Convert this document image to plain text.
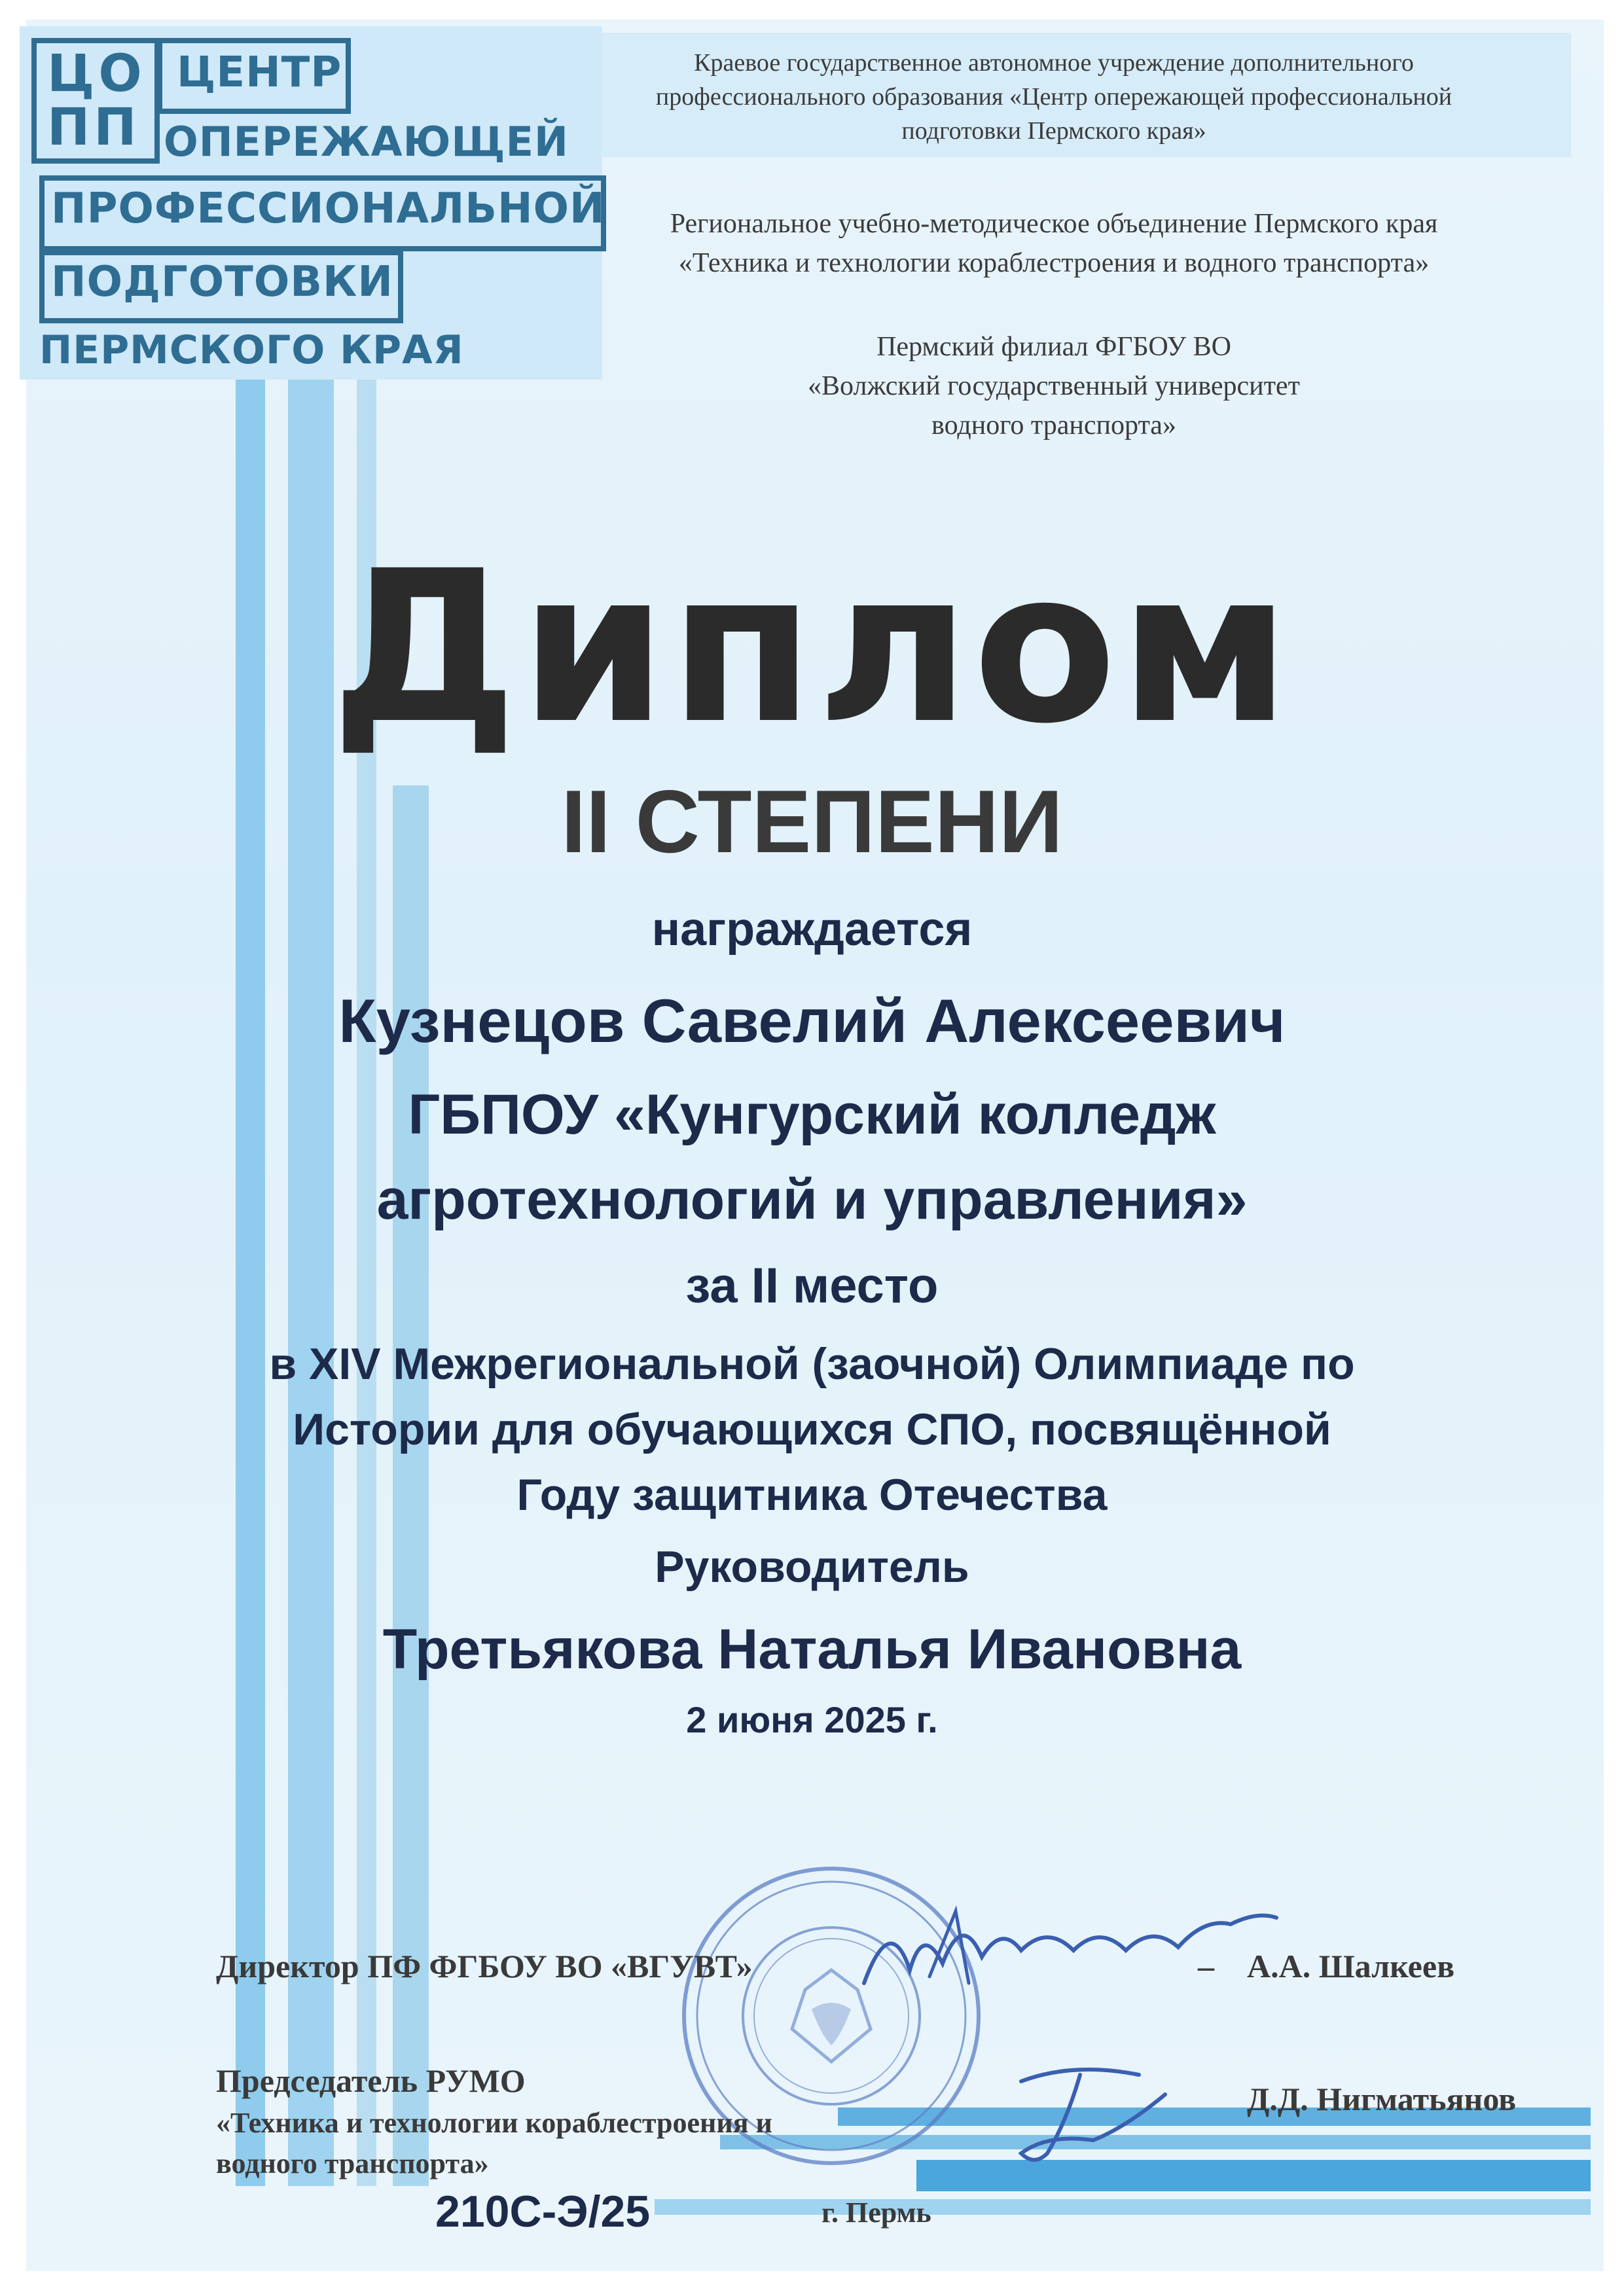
ЦО
ПП
ЦЕНТР
ОПЕРЕЖАЮЩЕЙ
ПРОФЕССИОНАЛЬНОЙ
ПОДГОТОВКИ
ПЕРМСКОГО КРАЯ
Краевое государственное автономное учреждение дополнительного
профессионального образования «Центр опережающей профессиональной
подготовки Пермского края»
Региональное учебно-методическое объединение Пермского края
«Техника и технологии кораблестроения и водного транспорта»
Пермский филиал ФГБОУ ВО
«Волжский государственный университет
водного транспорта»
Диплом
II СТЕПЕНИ
награждается
Кузнецов Савелий Алексеевич
ГБПОУ «Кунгурский колледж
агротехнологий и управления»
за II место
в XIV Межрегиональной (заочной) Олимпиаде по
Истории для обучающихся СПО, посвящённой
Году защитника Отечества
Руководитель
Третьякова Наталья Ивановна
2 июня 2025 г.
Директор ПФ ФГБОУ ВО «ВГУВТ»	– А.А. Шалкеев
Председатель РУМО
«Техника и технологии кораблестроения и
водного транспорта»
Д.Д. Нигматьянов
210С-Э/25	г. Пермь
